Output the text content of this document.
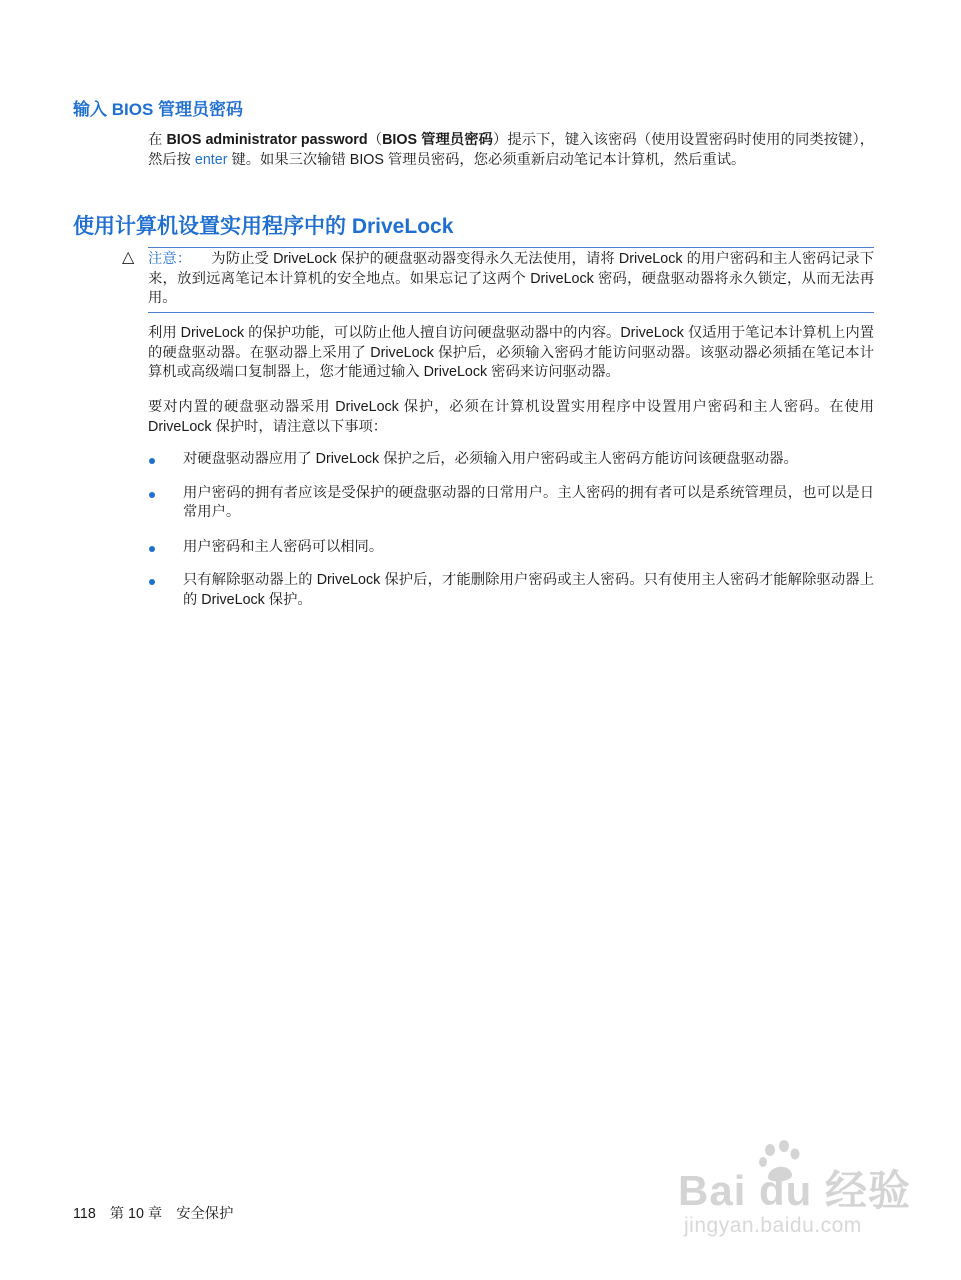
输入 BIOS 管理员密码

在 BIOS administrator password（BIOS 管理员密码）提示下，键入该密码（使用设置密码时使用的同类按键），然后按 enter 键。如果三次输错 BIOS 管理员密码，您必须重新启动笔记本计算机，然后重试。

使用计算机设置实用程序中的 DriveLock
△ 注意： 为防止受 DriveLock 保护的硬盘驱动器变得永久无法使用，请将 DriveLock 的用户密码和主人密码记录下来，放到远离笔记本计算机的安全地点。如果忘记了这两个 DriveLock 密码，硬盘驱动器将永久锁定，从而无法再用。

利用 DriveLock 的保护功能，可以防止他人擅自访问硬盘驱动器中的内容。DriveLock 仅适用于笔记本计算机上内置的硬盘驱动器。在驱动器上采用了 DriveLock 保护后，必须输入密码才能访问驱动器。该驱动器必须插在笔记本计算机或高级端口复制器上，您才能通过输入 DriveLock 密码来访问驱动器。

要对内置的硬盘驱动器采用 DriveLock 保护，必须在计算机设置实用程序中设置用户密码和主人密码。在使用 DriveLock 保护时，请注意以下事项：

对硬盘驱动器应用了 DriveLock 保护之后，必须输入用户密码或主人密码方能访问该硬盘驱动器。
用户密码的拥有者应该是受保护的硬盘驱动器的日常用户。主人密码的拥有者可以是系统管理员，也可以是日常用户。
用户密码和主人密码可以相同。
只有解除驱动器上的 DriveLock 保护后，才能删除用户密码或主人密码。只有使用主人密码才能解除驱动器上的 DriveLock 保护。
118 第 10 章 安全保护	Bai du 经验
jingyan.baidu.com
